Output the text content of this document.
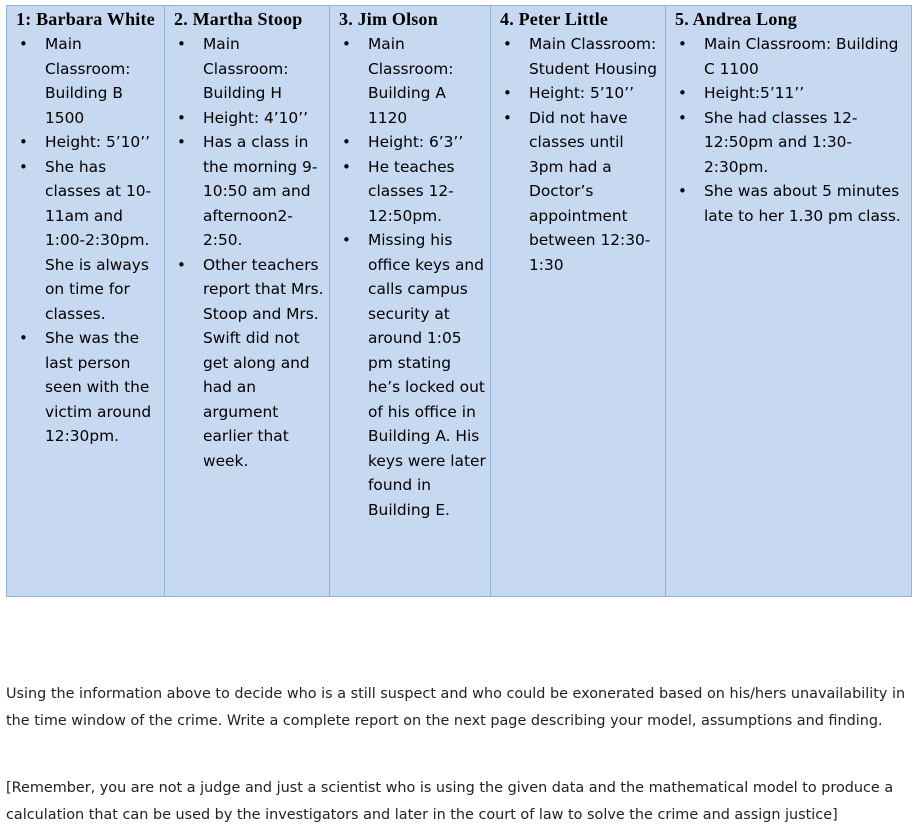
1: Barbara White
• Main Classroom: Building B 1500
• Height: 5’10’’
• She has classes at 10-11am and 1:00-2:30pm. She is always on time for classes.
• She was the last person seen with the victim around 12:30pm.

2. Martha Stoop
• Main Classroom: Building H
• Height: 4’10’’
• Has a class in the morning 9-10:50 am and afternoon2-2:50.
• Other teachers report that Mrs. Stoop and Mrs. Swift did not get along and had an argument earlier that week.

3. Jim Olson
• Main Classroom: Building A 1120
• Height: 6’3’’
• He teaches classes 12-12:50pm.
• Missing his office keys and calls campus security at around 1:05 pm stating he’s locked out of his office in Building A. His keys were later found in Building E.

4. Peter Little
• Main Classroom: Student Housing
• Height: 5’10’’
• Did not have classes until 3pm had a Doctor’s appointment between 12:30-1:30

5. Andrea Long
• Main Classroom: Building C 1100
• Height:5’11’’
• She had classes 12-12:50pm and 1:30-2:30pm.
• She was about 5 minutes late to her 1.30 pm class.

Using the information above to decide who is a still suspect and who could be exonerated based on his/hers unavailability in the time window of the crime. Write a complete report on the next page describing your model, assumptions and finding.

[Remember, you are not a judge and just a scientist who is using the given data and the mathematical model to produce a calculation that can be used by the investigators and later in the court of law to solve the crime and assign justice]
